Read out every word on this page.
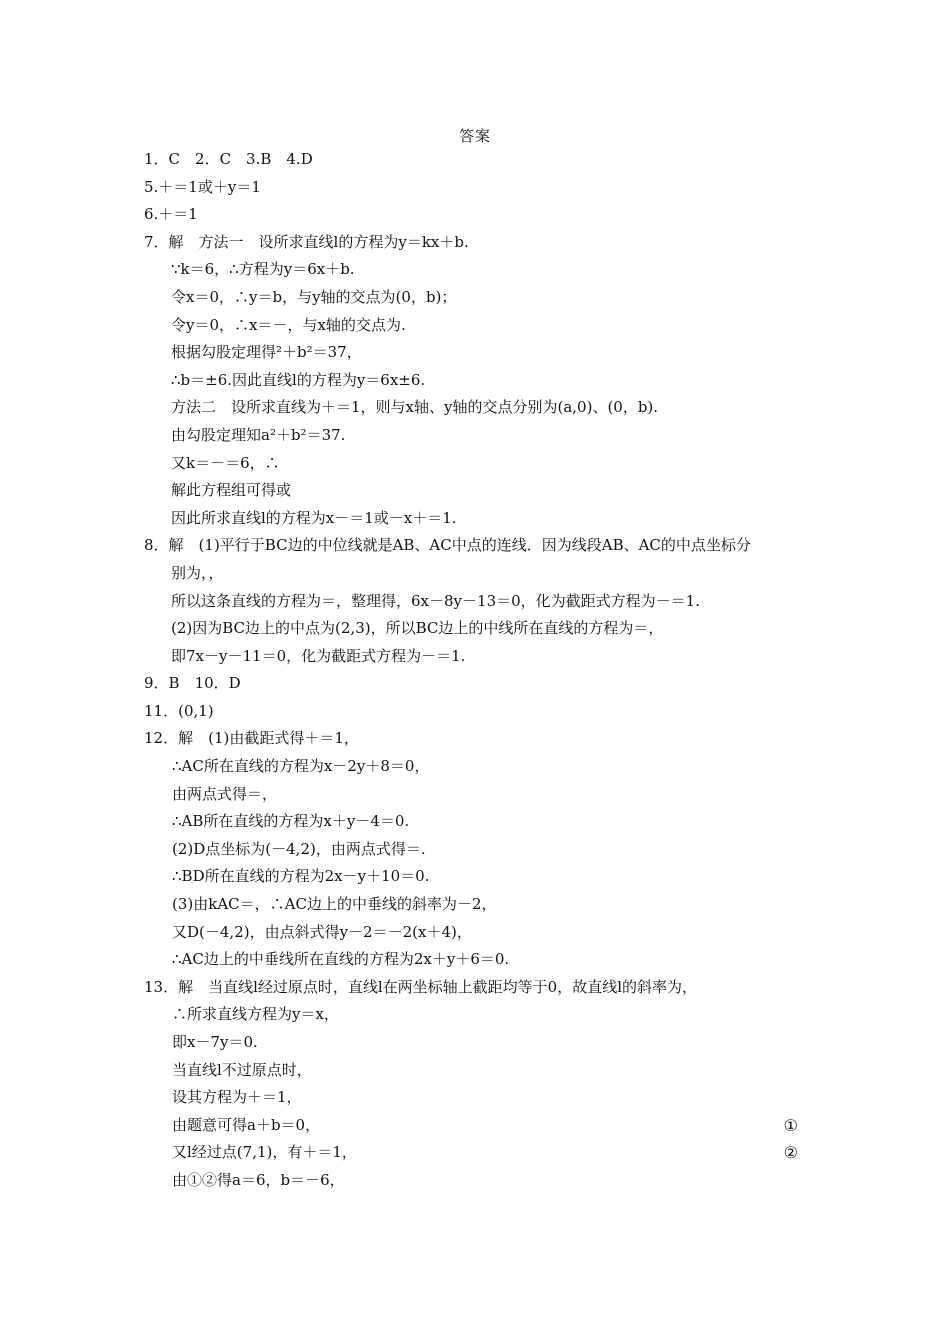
答案
1．C　2．C　3.B　4.D
5.＋＝1或＋y＝1
6.＋＝1
7．解　方法一　设所求直线l的方程为y＝kx＋b.
∵k＝6，∴方程为y＝6x＋b.
令x＝0，∴y＝b，与y轴的交点为(0，b)；
令y＝0，∴x＝－，与x轴的交点为.
根据勾股定理得²＋b²＝37，
∴b＝±6.因此直线l的方程为y＝6x±6.
方法二　设所求直线为＋＝1，则与x轴、y轴的交点分别为(a,0)、(0，b).
由勾股定理知a²＋b²＝37.
又k＝－＝6，∴
解此方程组可得或
因此所求直线l的方程为x－＝1或－x＋＝1.
8．解　(1)平行于BC边的中位线就是AB、AC中点的连线．因为线段AB、AC的中点坐标分
别为，，
所以这条直线的方程为＝，整理得，6x－8y－13＝0，化为截距式方程为－＝1.
(2)因为BC边上的中点为(2,3)，所以BC边上的中线所在直线的方程为＝，
即7x－y－11＝0，化为截距式方程为－＝1.
9．B　10．D
11．(0,1)
12．解　(1)由截距式得＋＝1，
∴AC所在直线的方程为x－2y＋8＝0，
由两点式得＝，
∴AB所在直线的方程为x＋y－4＝0.
(2)D点坐标为(－4,2)，由两点式得＝.
∴BD所在直线的方程为2x－y＋10＝0.
(3)由kAC＝，∴AC边上的中垂线的斜率为－2，
又D(－4,2)，由点斜式得y－2＝－2(x＋4)，
∴AC边上的中垂线所在直线的方程为2x＋y＋6＝0.
13．解　当直线l经过原点时，直线l在两坐标轴上截距均等于0，故直线l的斜率为，
∴所求直线方程为y＝x，
即x－7y＝0.
当直线l不过原点时，
设其方程为＋＝1，
由题意可得a＋b＝0，	①
又l经过点(7,1)，有＋＝1，	②
由①②得a＝6，b＝－6，
